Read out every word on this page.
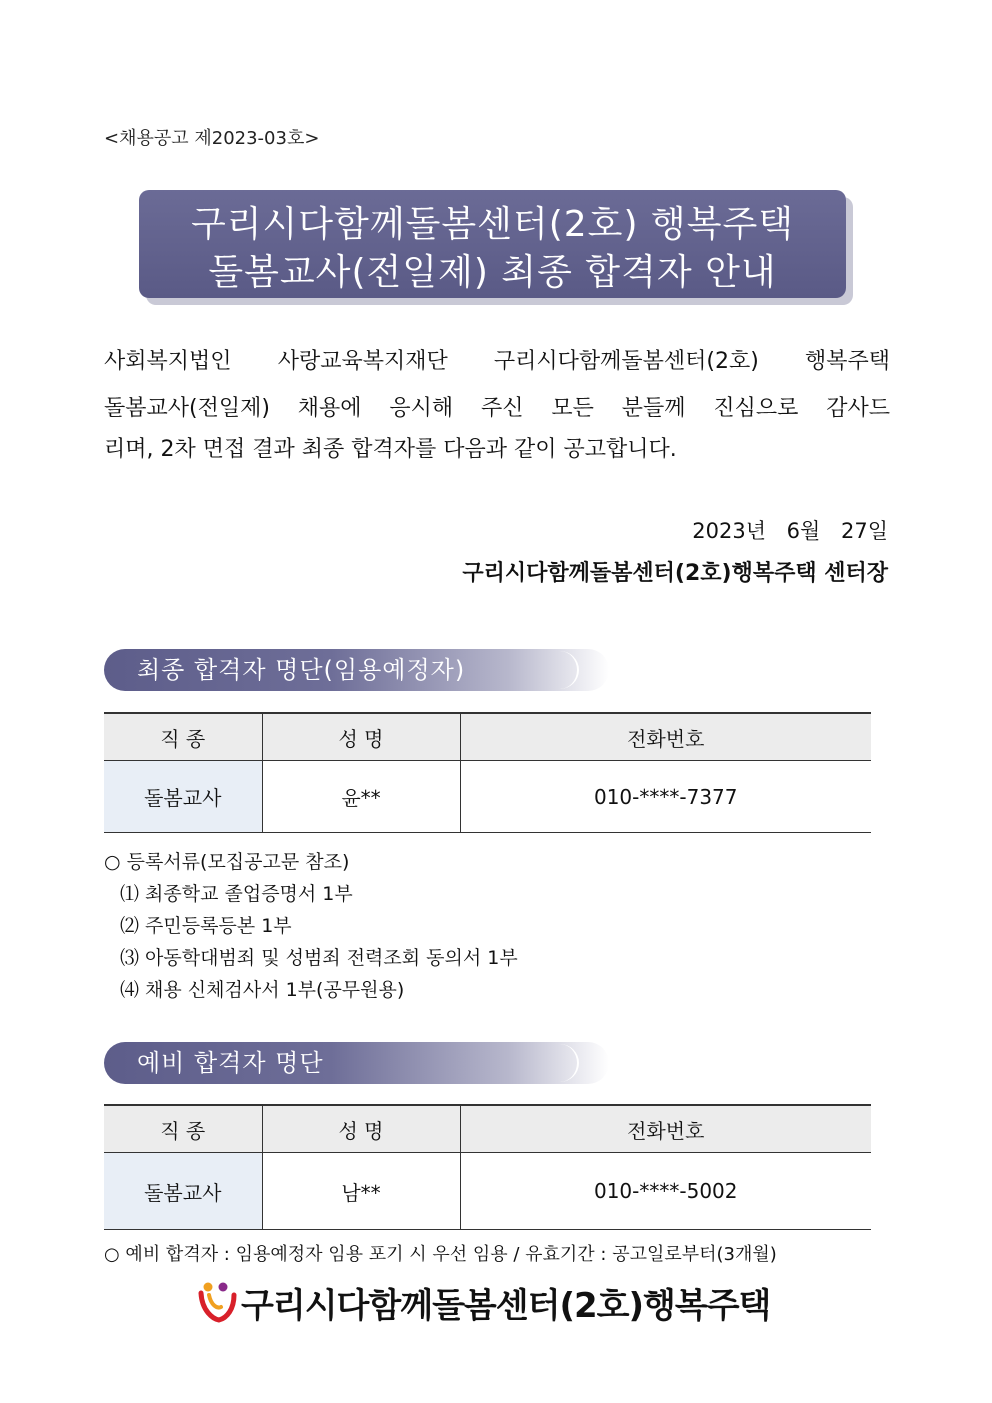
<채용공고 제2023-03호>
구리시다함께돌봄센터(2호) 행복주택
돌봄교사(전일제) 최종 합격자 안내
사회복지법인 사랑교육복지재단 구리시다함께돌봄센터(2호) 행복주택
돌봄교사(전일제) 채용에 응시해 주신 모든 분들께 진심으로 감사드
리며, 2차 면접 결과 최종 합격자를 다음과 같이 공고합니다.
2023년 6월 27일
구리시다함께돌봄센터(2호)행복주택 센터장
최종 합격자 명단(임용예정자)
직 종	성 명	전화번호
돌봄교사	윤**	010-****-7377
○ 등록서류(모집공고문 참조)
⑴ 최종학교 졸업증명서 1부
⑵ 주민등록등본 1부
⑶ 아동학대범죄 및 성범죄 전력조회 동의서 1부
⑷ 채용 신체검사서 1부(공무원용)
예비 합격자 명단
직 종	성 명	전화번호
돌봄교사	남**	010-****-5002
○ 예비 합격자 : 임용예정자 임용 포기 시 우선 임용 / 유효기간 : 공고일로부터(3개월)
구리시다함께돌봄센터(2호)행복주택
